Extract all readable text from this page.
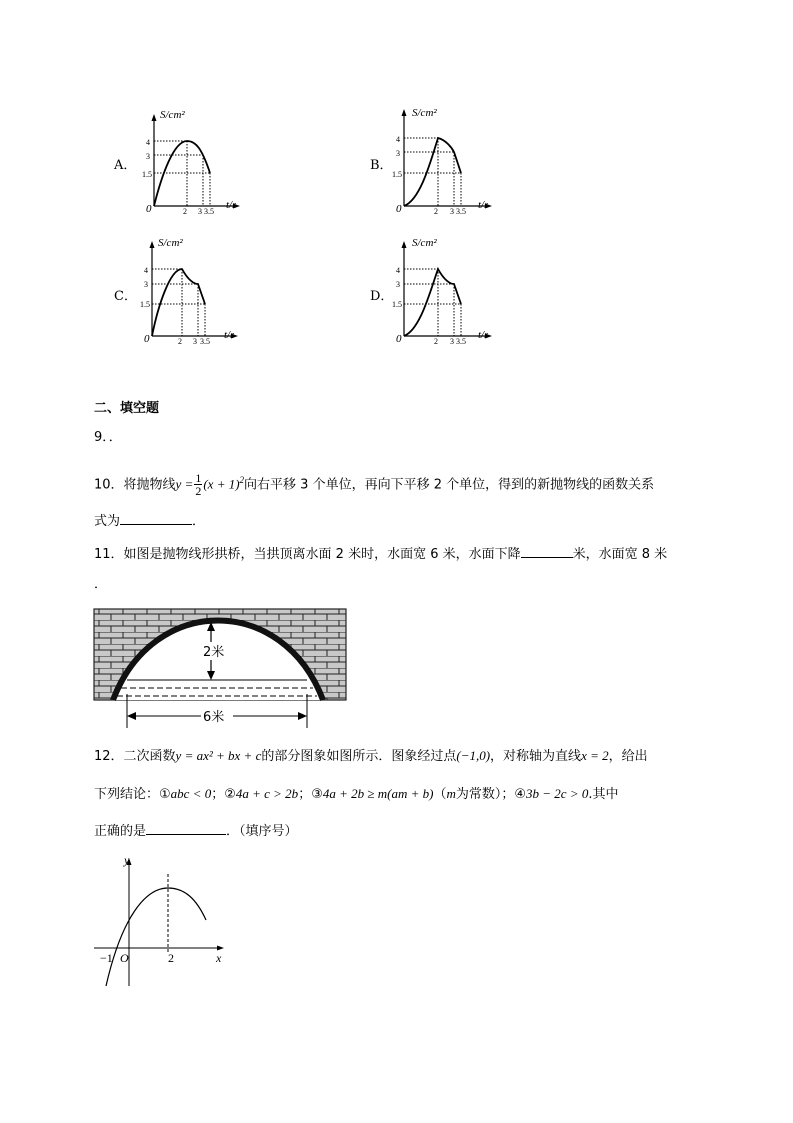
A．	B．
C．	D．
S/cm²
t/s
0
4
3
1.5
2 3 3.5
S/cm²
t/s
0
4
3
1.5
2 3 3.5
S/cm²
t/s
0
4
3
1.5
2 3 3.5
S/cm²
t/s
0
4
3
1.5
2 3 3.5
二、填空题
9．．
10．将抛物线$y = \frac{1}{2} (x + 1)^2$向右平移 3 个单位，再向下平移 2 个单位，得到的新抛物线的函数关系
式为	．
11．如图是抛物线形拱桥，当拱顶离水面 2 米时，水面宽 6 米，水面下降	米，水面宽 8 米
．
2米
6米
12．二次函数y = ax² + bx + c的部分图象如图所示．图象经过点(−1,0)，对称轴为直线x = 2，给出
下列结论：①abc < 0；②4a + c > 2b；③4a + 2b ≥ m(am + b)（m为常数）；④3b − 2c > 0.其中
正确的是	．（填序号）
y
x
O
−1	2
